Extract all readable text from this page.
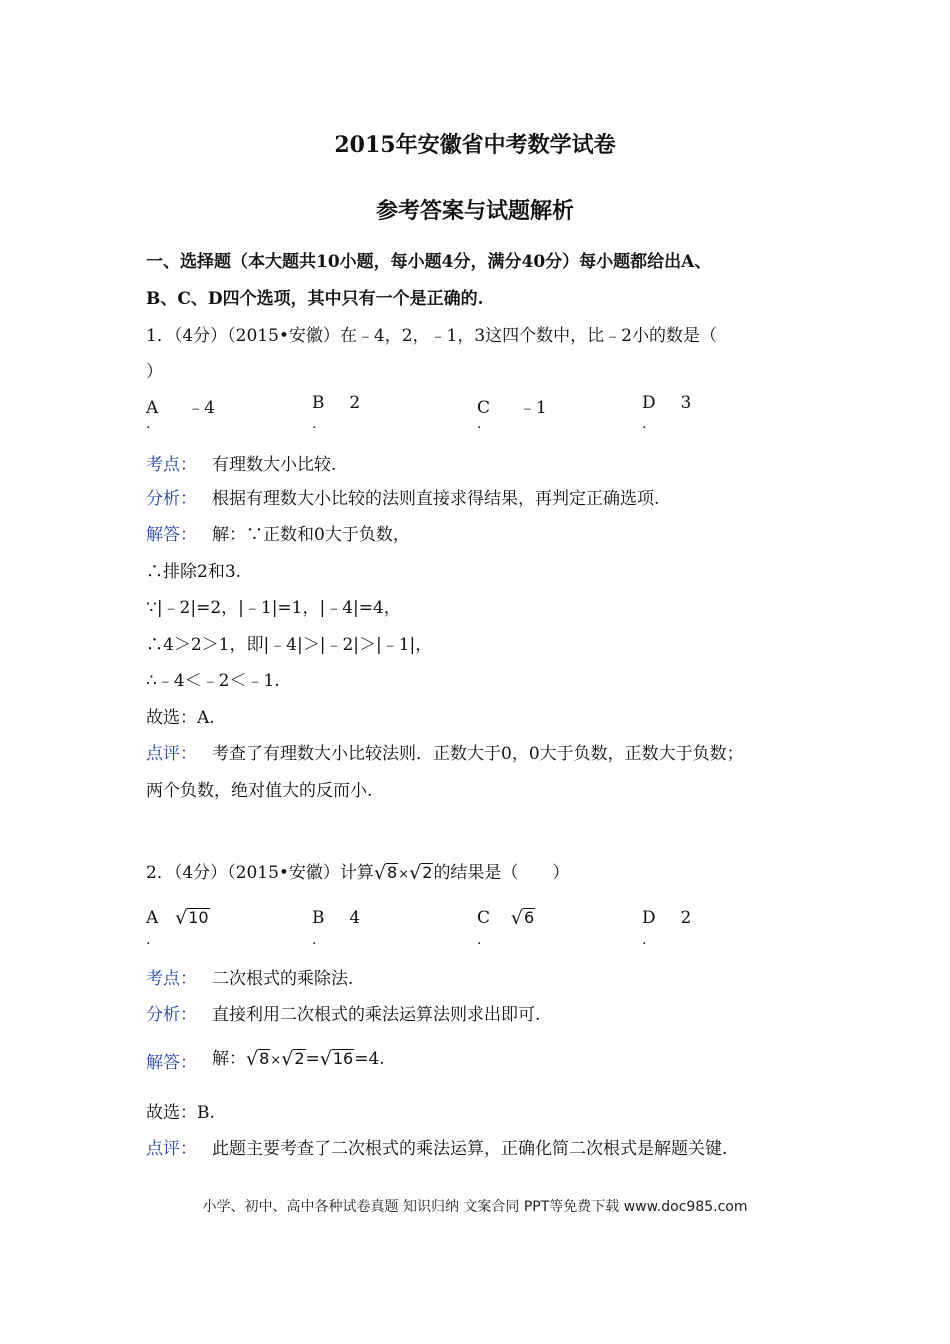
2015年安徽省中考数学试卷
参考答案与试题解析
一、选择题（本大题共10小题，每小题4分，满分40分）每小题都给出A、
B、C、D四个选项，其中只有一个是正确的.
1．（4分）（2015•安徽）在﹣4，2，﹣1，3这四个数中，比﹣2小的数是（
）
A ﹣4
.
B 2
.
C ﹣1
.
D 3
.
考点： 有理数大小比较.
分析： 根据有理数大小比较的法则直接求得结果，再判定正确选项.
解答： 解：∵正数和0大于负数，
∴排除2和3.
∵|﹣2|=2，|﹣1|=1，|﹣4|=4，
∴4＞2＞1，即|﹣4|＞|﹣2|＞|﹣1|，
∴﹣4＜﹣2＜﹣1.
故选：A.
点评： 考查了有理数大小比较法则．正数大于0，0大于负数，正数大于负数；
两个负数，绝对值大的反而小.
2．（4分）（2015•安徽）计算√8×√2的结果是（　　）
A √10
.
B 4
.
C √6
.
D 2
.
考点： 二次根式的乘除法.
分析： 直接利用二次根式的乘法运算法则求出即可.
解答： 解：√8×√2=√16=4.
故选：B.
点评： 此题主要考查了二次根式的乘法运算，正确化简二次根式是解题关键.
小学、初中、高中各种试卷真题 知识归纳 文案合同 PPT等免费下载 www.doc985.com
